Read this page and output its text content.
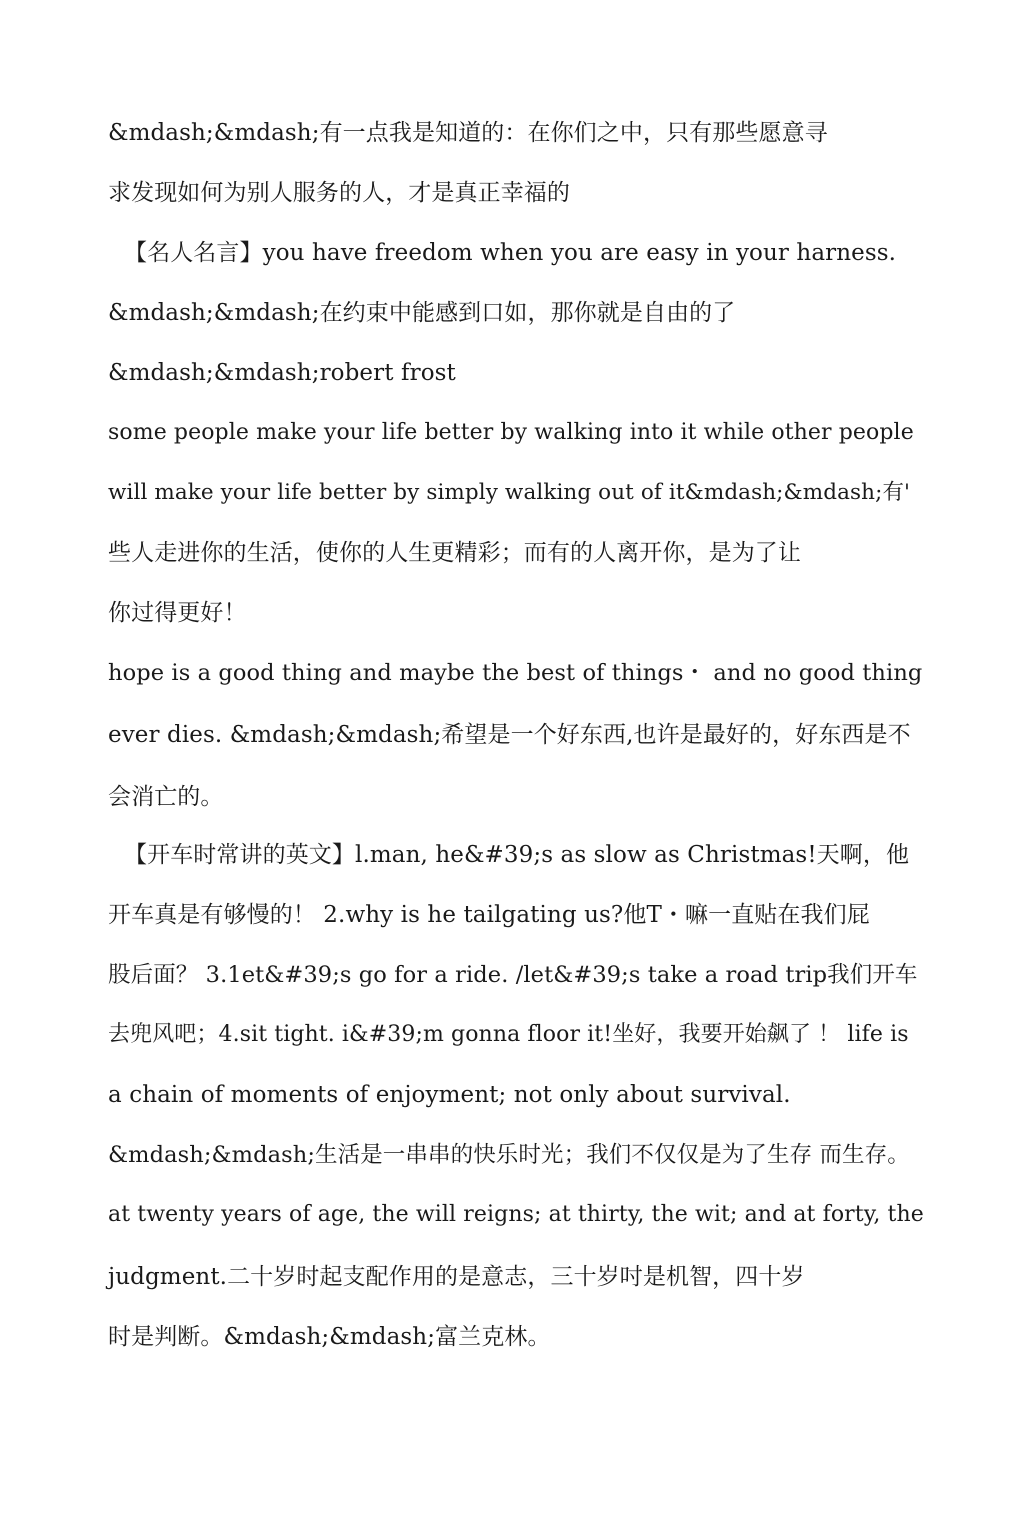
&mdash;&mdash;有一点我是知道的：在你们之中，只有那些愿意寻
求发现如何为别人服务的人，才是真正幸福的
【名人名言】you have freedom when you are easy in your harness.
&mdash;&mdash;在约束中能感到口如，那你就是自由的了
&mdash;&mdash;robert frost
some people make your life better by walking into it while other people
will make your life better by simply walking out of it&mdash;&mdash;有'
些人走进你的生活，使你的人生更精彩；而有的人离开你，是为了让
你过得更好！
hope is a good thing and maybe the best of things・ and no good thing
ever dies. &mdash;&mdash;希望是一个好东西,也许是最好的，好东西是不
会消亡的。
【开车时常讲的英文】l.man, he&#39;s as slow as Christmas!天啊，他
开车真是有够慢的！ 2.why is he tailgating us?他T・嘛一直贴在我们屁
股后面？ 3.1et&#39;s go for a ride. /let&#39;s take a road trip我们开车
去兜风吧；4.sit tight. i&#39;m gonna floor it!坐好，我要开始飙了 ！ life is
a chain of moments of enjoyment; not only about survival.
&mdash;&mdash;生活是一串串的快乐时光；我们不仅仅是为了生存 而生存。
at twenty years of age, the will reigns; at thirty, the wit; and at forty, the
judgment.二十岁时起支配作用的是意志，三十岁吋是机智，四十岁
时是判断。&mdash;&mdash;富兰克林。
